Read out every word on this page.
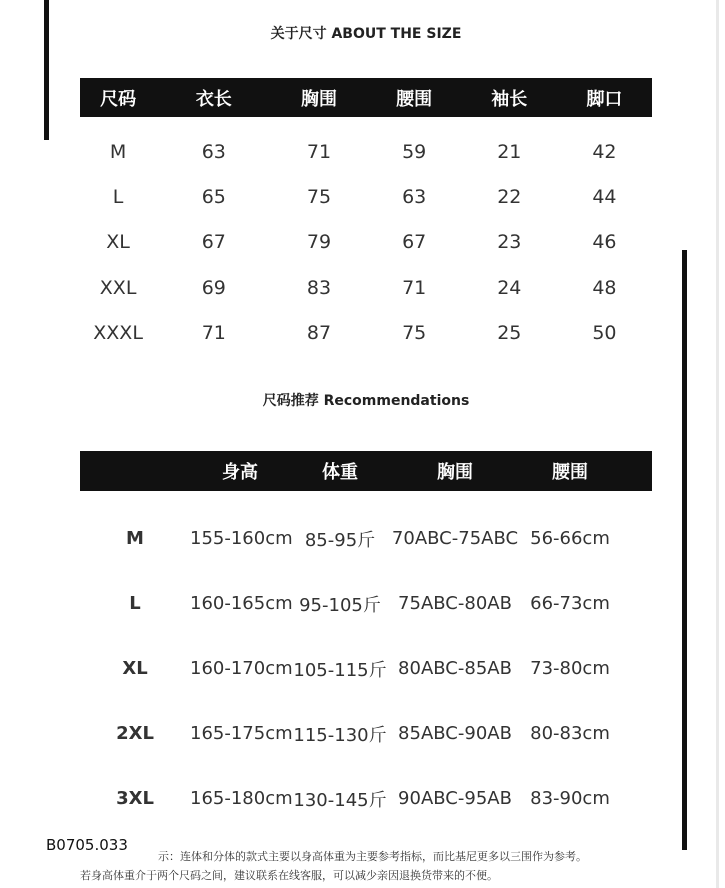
关于尺寸 ABOUT THE SIZE
尺码	衣长	胸围	腰围	袖长	脚口
M	63	71	59	21	42
L	65	75	63	22	44
XL	67	79	67	23	46
XXL	69	83	71	24	48
XXXL	71	87	75	25	50
尺码推荐 Recommendations
身高	体重	胸围	腰围
M	155-160cm 85-95斤 70ABC-75ABC 56-66cm
L	160-165cm 95-105斤 75ABC-80AB	66-73cm
XL	160-170cm 105-115斤 80ABC-85AB	73-80cm
2XL	165-175cm 115-130斤 85ABC-90AB	80-83cm
3XL	165-180cm 130-145斤 90ABC-95AB	83-90cm
示：连体和分体的款式主要以身高体重为主要参考指标，而比基尼更多以三围作为参考。
若身高体重介于两个尺码之间，建议联系在线客服，可以减少亲因退换货带来的不便。
B0705.033
